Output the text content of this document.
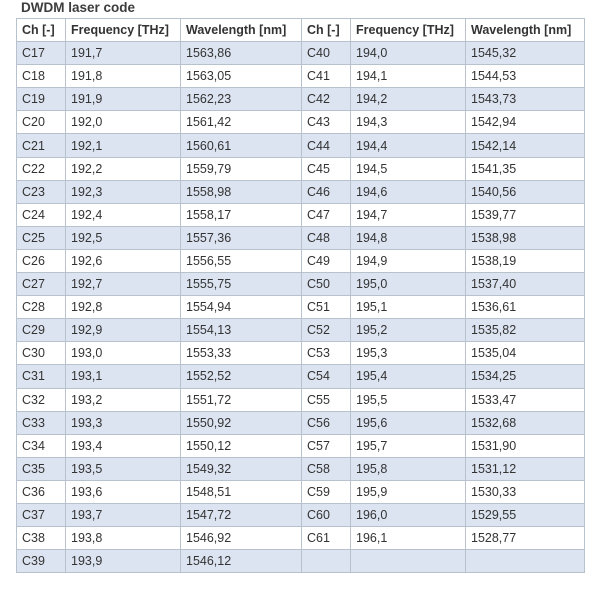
DWDM laser code
Ch [-]	Frequency [THz]	Wavelength [nm]	Ch [-]	Frequency [THz]	Wavelength [nm]
C17	191,7	1563,86	C40	194,0	1545,32
C18	191,8	1563,05	C41	194,1	1544,53
C19	191,9	1562,23	C42	194,2	1543,73
C20	192,0	1561,42	C43	194,3	1542,94
C21	192,1	1560,61	C44	194,4	1542,14
C22	192,2	1559,79	C45	194,5	1541,35
C23	192,3	1558,98	C46	194,6	1540,56
C24	192,4	1558,17	C47	194,7	1539,77
C25	192,5	1557,36	C48	194,8	1538,98
C26	192,6	1556,55	C49	194,9	1538,19
C27	192,7	1555,75	C50	195,0	1537,40
C28	192,8	1554,94	C51	195,1	1536,61
C29	192,9	1554,13	C52	195,2	1535,82
C30	193,0	1553,33	C53	195,3	1535,04
C31	193,1	1552,52	C54	195,4	1534,25
C32	193,2	1551,72	C55	195,5	1533,47
C33	193,3	1550,92	C56	195,6	1532,68
C34	193,4	1550,12	C57	195,7	1531,90
C35	193,5	1549,32	C58	195,8	1531,12
C36	193,6	1548,51	C59	195,9	1530,33
C37	193,7	1547,72	C60	196,0	1529,55
C38	193,8	1546,92	C61	196,1	1528,77
C39	193,9	1546,12			
